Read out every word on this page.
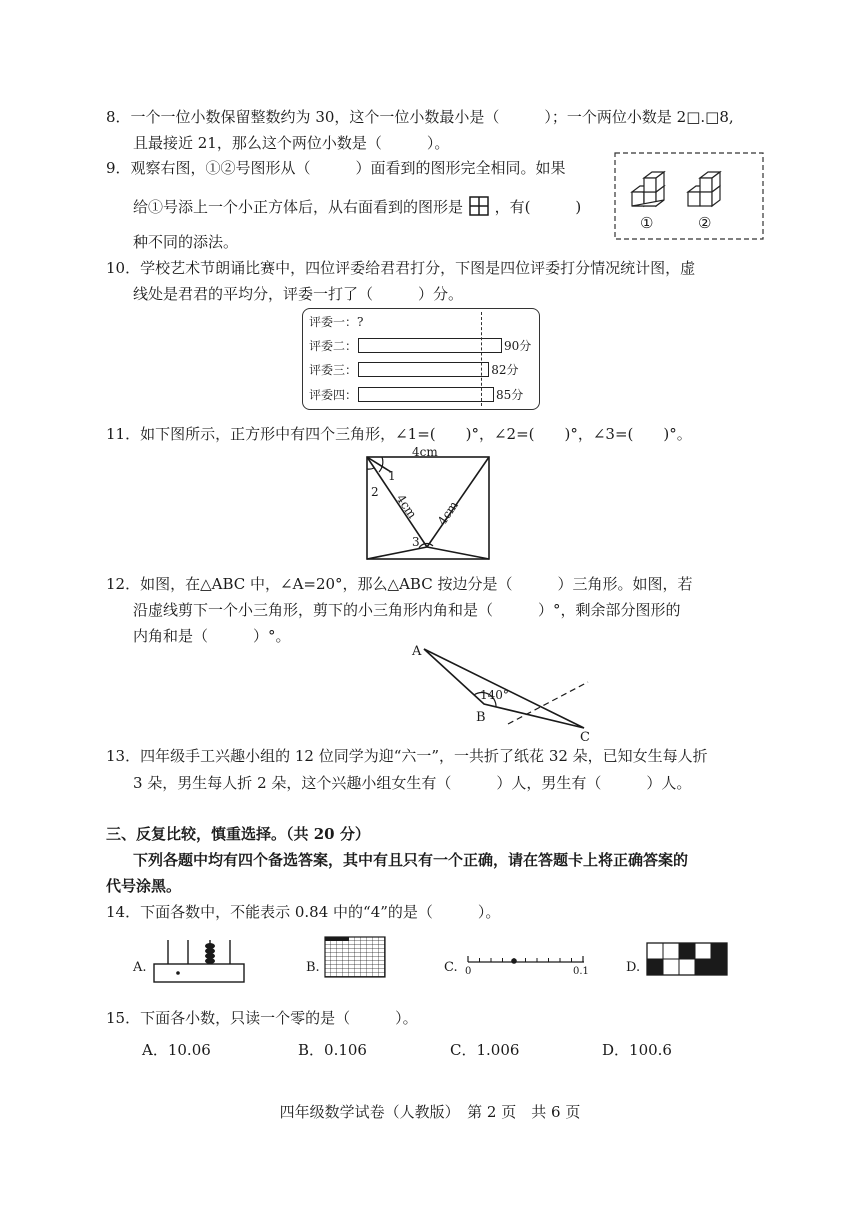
8．一个一位小数保留整数约为 30，这个一位小数最小是（　　　）；一个两位小数是 2□.□8,
且最接近 21，那么这个两位小数是（　　　）。
9．观察右图，①②号图形从（　　　）面看到的图形完全相同。如果
给①号添上一个小正方体后，从右面看到的图形是 ，有(　　　)
种不同的添法。
①	②
10．学校艺术节朗诵比赛中，四位评委给君君打分，下图是四位评委打分情况统计图，虚
线处是君君的平均分，评委一打了（　　　）分。
评委一：?
评委二：	90分
评委三：	82分
评委四：	85分
11．如下图所示，正方形中有四个三角形，∠1=(　　)°，∠2=(　　)°，∠3=(　　)°。
4cm
4cm 4cm
1
2
3
12．如图，在△ABC 中，∠A=20°，那么△ABC 按边分是（　　　）三角形。如图，若
沿虚线剪下一个小三角形，剪下的小三角形内角和是（　　　）°，剩余部分图形的
内角和是（　　　）°。
A
B
C
140°
13．四年级手工兴趣小组的 12 位同学为迎“六一”，一共折了纸花 32 朵，已知女生每人折
3 朵，男生每人折 2 朵，这个兴趣小组女生有（　　　）人，男生有（　　　）人。
三、反复比较，慎重选择。（共 20 分）
下列各题中均有四个备选答案，其中有且只有一个正确，请在答题卡上将正确答案的
代号涂黑。
14．下面各数中，不能表示 0.84 中的“4”的是（　　　）。
A.	B.	C. 0	0.1	D.
15．下面各小数，只读一个零的是（　　　）。
A．10.06	B．0.106	C．1.006	D．100.6
四年级数学试卷（人教版）　第 2 页　共 6 页
